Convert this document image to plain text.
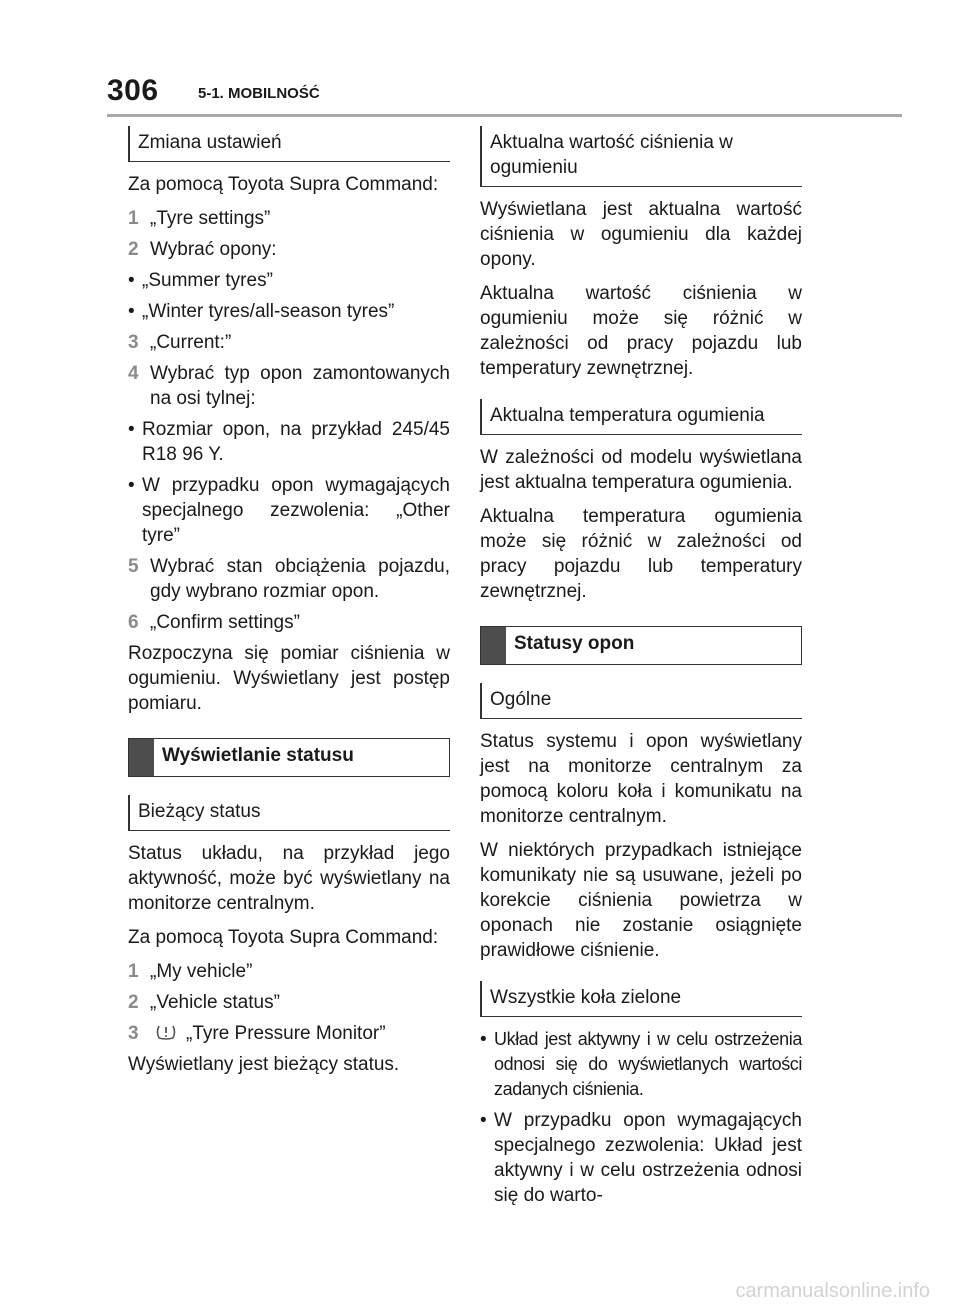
306	5-1. MOBILNOŚĆ
Zmiana ustawień

Za pomocą Toyota Supra Command:

1 „Tyre settings”
2 Wybrać opony:
• „Summer tyres”
• „Winter tyres/all-season tyres”
3 „Current:”
4 Wybrać typ opon zamontowanych na osi tylnej:
• Rozmiar opon, na przykład 245/45 R18 96 Y.
• W przypadku opon wymagających specjalnego zezwolenia: „Other tyre”
5 Wybrać stan obciążenia pojazdu, gdy wybrano rozmiar opon.
6 „Confirm settings”

Rozpoczyna się pomiar ciśnienia w ogumieniu. Wyświetlany jest postęp pomiaru.

Wyświetlanie statusu
Bieżący status

Status układu, na przykład jego aktywność, może być wyświetlany na monitorze centralnym.

Za pomocą Toyota Supra Command:

1 „My vehicle”
2 „Vehicle status”
3	„Tyre Pressure Monitor”

Wyświetlany jest bieżący status.

Aktualna wartość ciśnienia w ogumieniu

Wyświetlana jest aktualna wartość ciśnienia w ogumieniu dla każdej opony.

Aktualna wartość ciśnienia w ogumieniu może się różnić w zależności od pracy pojazdu lub temperatury zewnętrznej.

Aktualna temperatura ogumienia

W zależności od modelu wyświetlana jest aktualna temperatura ogumienia.

Aktualna temperatura ogumienia może się różnić w zależności od pracy pojazdu lub temperatury zewnętrznej.

Statusy opon
Ogólne

Status systemu i opon wyświetlany jest na monitorze centralnym za pomocą koloru koła i komunikatu na monitorze centralnym.

W niektórych przypadkach istniejące komunikaty nie są usuwane, jeżeli po korekcie ciśnienia powietrza w oponach nie zostanie osiągnięte prawidłowe ciśnienie.

Wszystkie koła zielone
• Układ jest aktywny i w celu ostrzeżenia odnosi się do wyświetlanych wartości zadanych ciśnienia.
• W przypadku opon wymagających specjalnego zezwolenia: Układ jest aktywny i w celu ostrzeżenia odnosi się do warto-
carmanualsonline.info
